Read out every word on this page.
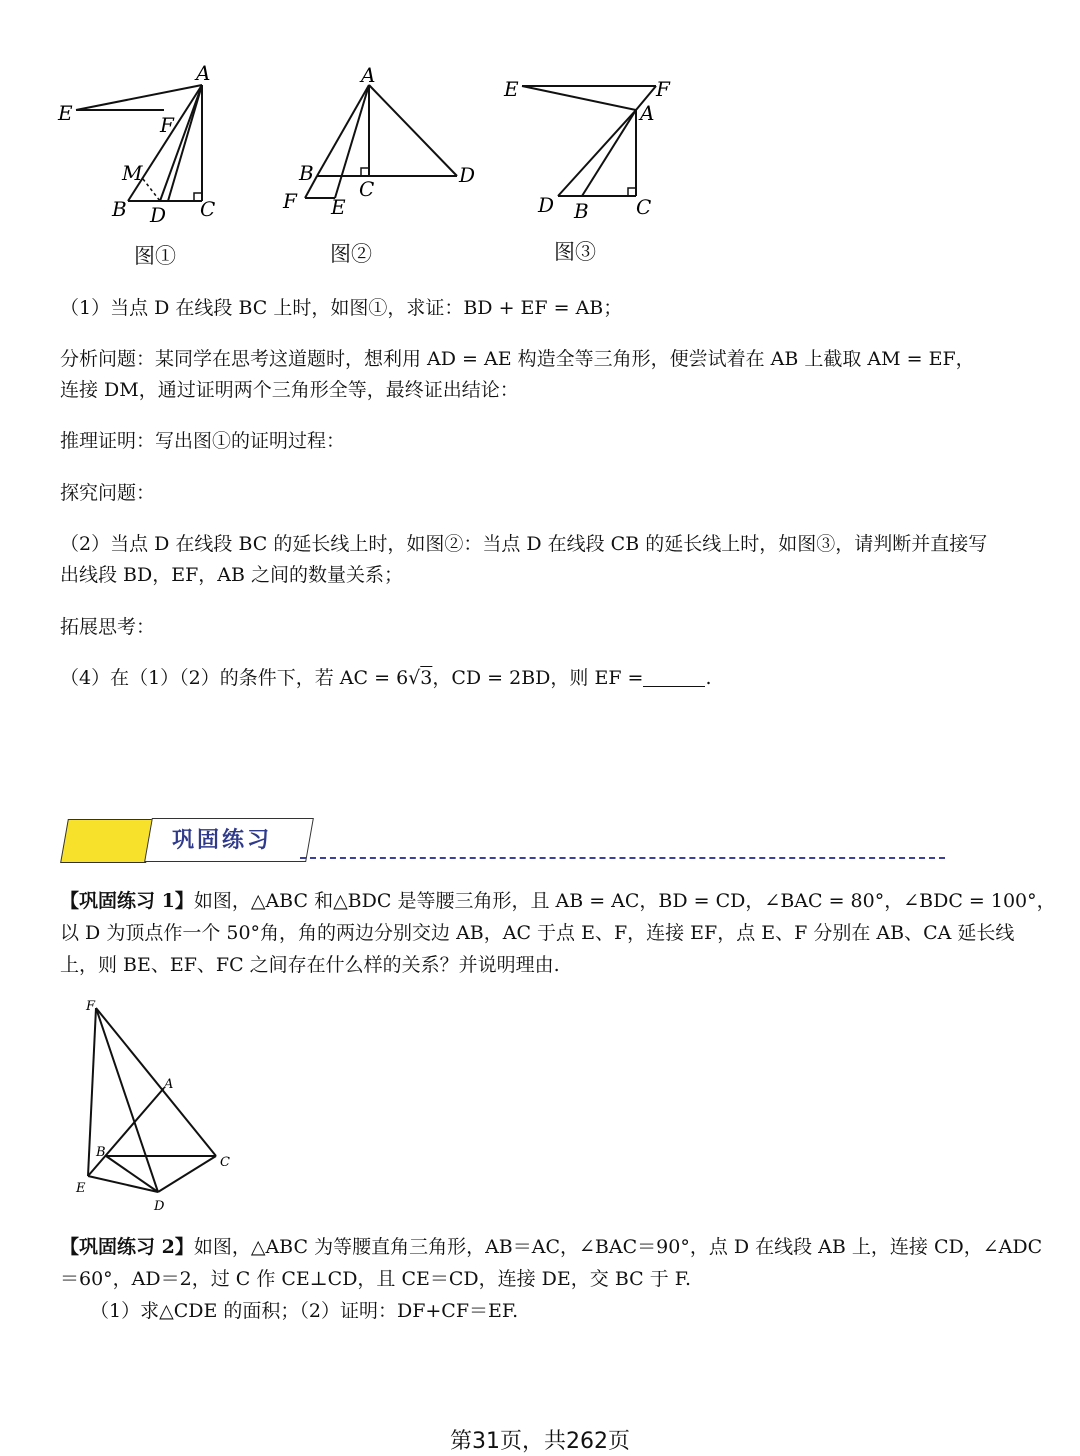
A
E	F
M
B D C
图①
A
B
C
D
F E
图②
E	F
A
D B C
图③
（1）当点 D 在线段 BC 上时，如图①，求证：BD + EF = AB；
分析问题：某同学在思考这道题时，想利用 AD = AE 构造全等三角形，便尝试着在 AB 上截取 AM = EF，
连接 DM，通过证明两个三角形全等，最终证出结论：
推理证明：写出图①的证明过程：
探究问题：
（2）当点 D 在线段 BC 的延长线上时，如图②：当点 D 在线段 CB 的延长线上时，如图③，请判断并直接写
出线段 BD，EF，AB 之间的数量关系；
拓展思考：
（4）在（1）（2）的条件下，若 AC = 6√3，CD = 2BD，则 EF =	.
巩固练习
【巩固练习 1】如图，△ABC 和△BDC 是等腰三角形，且 AB = AC，BD = CD，∠BAC = 80°，∠BDC = 100°，
以 D 为顶点作一个 50°角，角的两边分别交边 AB，AC 于点 E、F，连接 EF，点 E、F 分别在 AB、CA 延长线
上，则 BE、EF、FC 之间存在什么样的关系？并说明理由.
F
A
B
C
E
D
【巩固练习 2】如图，△ABC 为等腰直角三角形，AB＝AC，∠BAC＝90°，点 D 在线段 AB 上，连接 CD，∠ADC
＝60°，AD＝2，过 C 作 CE⊥CD，且 CE＝CD，连接 DE，交 BC 于 F.
（1）求△CDE 的面积；（2）证明：DF+CF＝EF.
第31页，共262页
